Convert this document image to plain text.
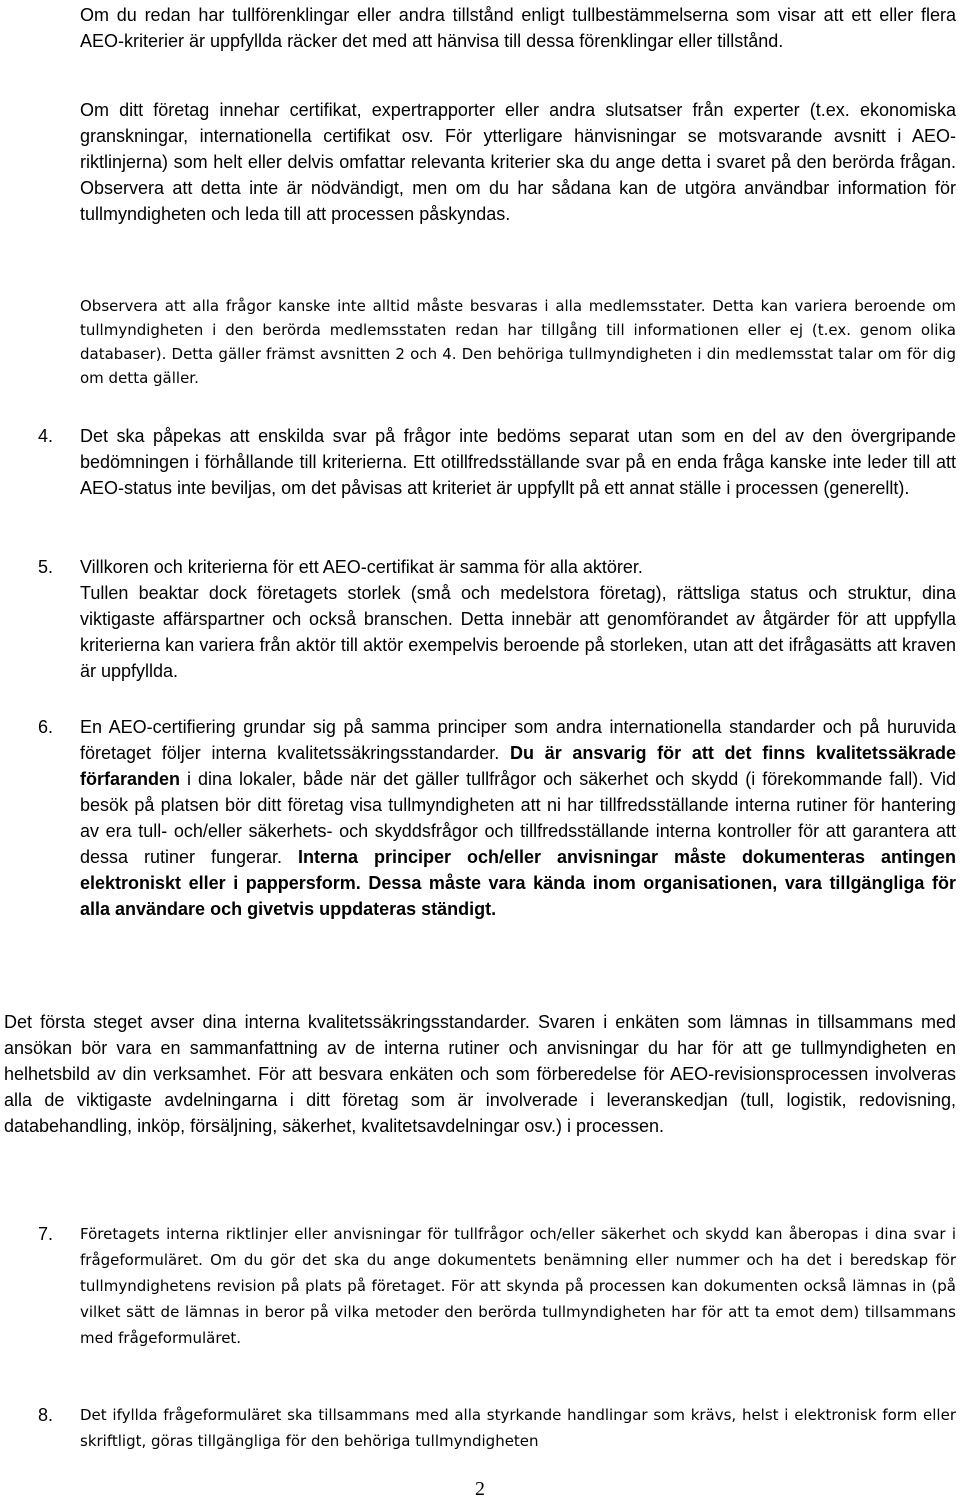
Om du redan har tullförenklingar eller andra tillstånd enligt tullbestämmelserna som visar att ett eller flera AEO-kriterier är uppfyllda räcker det med att hänvisa till dessa förenklingar eller tillstånd.

Om ditt företag innehar certifikat, expertrapporter eller andra slutsatser från experter (t.ex. ekonomiska granskningar, internationella certifikat osv. För ytterligare hänvisningar se motsvarande avsnitt i AEO-riktlinjerna) som helt eller delvis omfattar relevanta kriterier ska du ange detta i svaret på den berörda frågan. Observera att detta inte är nödvändigt, men om du har sådana kan de utgöra användbar information för tullmyndigheten och leda till att processen påskyndas.

Observera att alla frågor kanske inte alltid måste besvaras i alla medlemsstater. Detta kan variera beroende om tullmyndigheten i den berörda medlemsstaten redan har tillgång till informationen eller ej (t.ex. genom olika databaser). Detta gäller främst avsnitten 2 och 4. Den behöriga tullmyndigheten i din medlemsstat talar om för dig om detta gäller.

4. Det ska påpekas att enskilda svar på frågor inte bedöms separat utan som en del av den övergripande bedömningen i förhållande till kriterierna. Ett otillfredsställande svar på en enda fråga kanske inte leder till att AEO-status inte beviljas, om det påvisas att kriteriet är uppfyllt på ett annat ställe i processen (generellt).

5. Villkoren och kriterierna för ett AEO-certifikat är samma för alla aktörer.

Tullen beaktar dock företagets storlek (små och medelstora företag), rättsliga status och struktur, dina viktigaste affärspartner och också branschen. Detta innebär att genomförandet av åtgärder för att uppfylla kriterierna kan variera från aktör till aktör exempelvis beroende på storleken, utan att det ifrågasätts att kraven är uppfyllda.

6. En AEO-certifiering grundar sig på samma principer som andra internationella standarder och på huruvida företaget följer interna kvalitetssäkringsstandarder. Du är ansvarig för att det finns kvalitetssäkrade förfaranden i dina lokaler, både när det gäller tullfrågor och säkerhet och skydd (i förekommande fall). Vid besök på platsen bör ditt företag visa tullmyndigheten att ni har tillfredsställande interna rutiner för hantering av era tull- och/eller säkerhets- och skyddsfrågor och tillfredsställande interna kontroller för att garantera att dessa rutiner fungerar. Interna principer och/eller anvisningar måste dokumenteras antingen elektroniskt eller i pappersform. Dessa måste vara kända inom organisationen, vara tillgängliga för alla användare och givetvis uppdateras ständigt.

Det första steget avser dina interna kvalitetssäkringsstandarder. Svaren i enkäten som lämnas in tillsammans med ansökan bör vara en sammanfattning av de interna rutiner och anvisningar du har för att ge tullmyndigheten en helhetsbild av din verksamhet. För att besvara enkäten och som förberedelse för AEO-revisionsprocessen involveras alla de viktigaste avdelningarna i ditt företag som är involverade i leveranskedjan (tull, logistik, redovisning, databehandling, inköp, försäljning, säkerhet, kvalitetsavdelningar osv.) i processen.

7. Företagets interna riktlinjer eller anvisningar för tullfrågor och/eller säkerhet och skydd kan åberopas i dina svar i frågeformuläret. Om du gör det ska du ange dokumentets benämning eller nummer och ha det i beredskap för tullmyndighetens revision på plats på företaget. För att skynda på processen kan dokumenten också lämnas in (på vilket sätt de lämnas in beror på vilka metoder den berörda tullmyndigheten har för att ta emot dem) tillsammans med frågeformuläret.

8. Det ifyllda frågeformuläret ska tillsammans med alla styrkande handlingar som krävs, helst i elektronisk form eller skriftligt, göras tillgängliga för den behöriga tullmyndigheten

2
